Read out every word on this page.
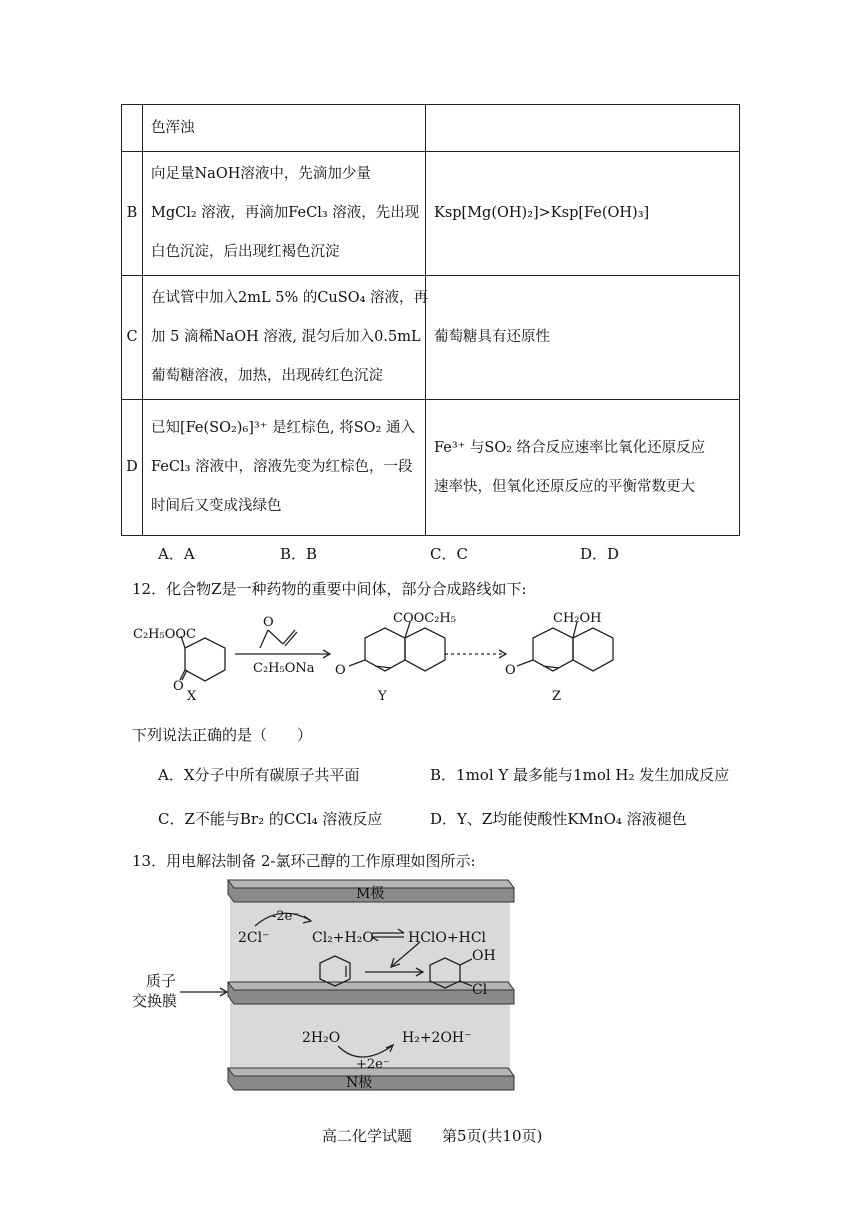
	色浑浊	

B	向足量NaOH溶液中，先滴加少量
MgCl₂ 溶液，再滴加FeCl₃ 溶液，先出现
白色沉淀，后出现红褐色沉淀	Ksp[Mg(OH)₂]>Ksp[Fe(OH)₃]

C	在试管中加入2mL 5% 的CuSO₄ 溶液，再
加 5 滴稀NaOH 溶液, 混匀后加入0.5mL
葡萄糖溶液，加热，出现砖红色沉淀	葡萄糖具有还原性

D	已知[Fe(SO₂)₆]³⁺ 是红棕色, 将SO₂ 通入
FeCl₃ 溶液中，溶液先变为红棕色，一段
时间后又变成浅绿色	Fe³⁺ 与SO₂ 络合反应速率比氧化还原反应
速率快，但氧化还原反应的平衡常数更大
A．A	B．B	C．C	D．D
12．化合物Z是一种药物的重要中间体，部分合成路线如下:
C₂H₅OOC
O
O
C₂H₅ONa
COOC₂H₅
O
CH₂OH
O
X	Y	Z
下列说法正确的是（　　）
A．X分子中所有碳原子共平面	B．1mol Y 最多能与1mol H₂ 发生加成反应
C．Z不能与Br₂ 的CCl₄ 溶液反应	D．Y、Z均能使酸性KMnO₄ 溶液褪色
13．用电解法制备 2-氯环己醇的工作原理如图所示:
M极
N极
质子
交换膜
2Cl⁻
-2e⁻
Cl₂+H₂O HClO+HCl
OH
Cl
2H₂O
+2e⁻
H₂+2OH⁻
高二化学试题 第5页(共10页)
